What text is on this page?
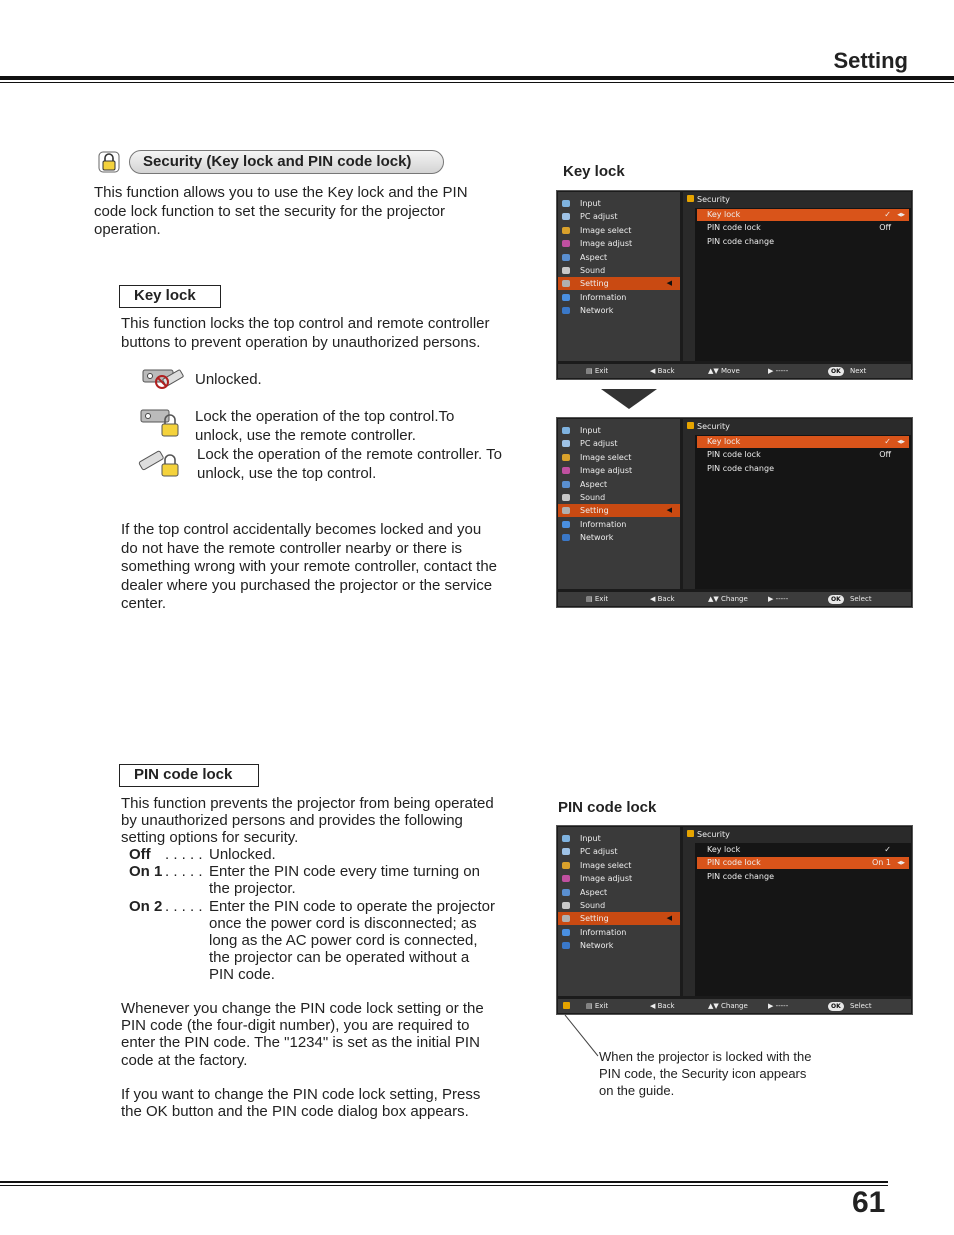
Setting
Security (Key lock and PIN code lock)
This function allows you to use the Key lock and the PIN
code lock function to set the security for the projector
operation.
Key lock
This function locks the top control and remote controller
buttons to prevent operation by unauthorized persons.
Unlocked.
Lock the operation of the top control.To
unlock, use the remote controller.
Lock the operation of the remote controller. To
unlock, use the top control.
If the top control accidentally becomes locked and you
do not have the remote controller nearby or there is
something wrong with your remote controller, contact the
dealer where you purchased the projector or the service
center.
Key lock
PIN code lock
This function prevents the projector from being operated
by unauthorized persons and provides the following
setting options for security.
Off . . . . . Unlocked.
On 1 . . . . . Enter the PIN code every time turning on
the projector.
On 2 . . . . . Enter the PIN code to operate the projector
once the power cord is disconnected; as
long as the AC power cord is connected,
the projector can be operated without a
PIN code.
Whenever you change the PIN code lock setting or the
PIN code (the four-digit number), you are required to
enter the PIN code. The "1234" is set as the initial PIN
code at the factory.
If you want to change the PIN code lock setting, Press
the OK button and the PIN code dialog box appears.
PIN code lock
Input
PC adjust
Image select
Image adjust
Aspect
Sound
Setting
◀
Information
Network
Security
Key lock	✓ ◀▶
PIN code lock	Off
PIN code change
▤ Exit	◀ Back	▲▼ Move	▶ -----	OK Next
Input
PC adjust
Image select
Image adjust
Aspect
Sound
Setting
◀
Information
Network
Security
Key lock	✓ ◀▶
PIN code lock	Off
PIN code change
▤ Exit	◀ Back	▲▼ Change	▶ -----	OK Select
Input
PC adjust
Image select
Image adjust
Aspect
Sound
Setting
◀
Information
Network
Security
Key lock	✓
PIN code lock	On 1 ◀▶
PIN code change
▤ Exit	◀ Back	▲▼ Change	▶ -----	OK Select
When the projector is locked with the
PIN code, the Security icon appears
on the guide.
61
